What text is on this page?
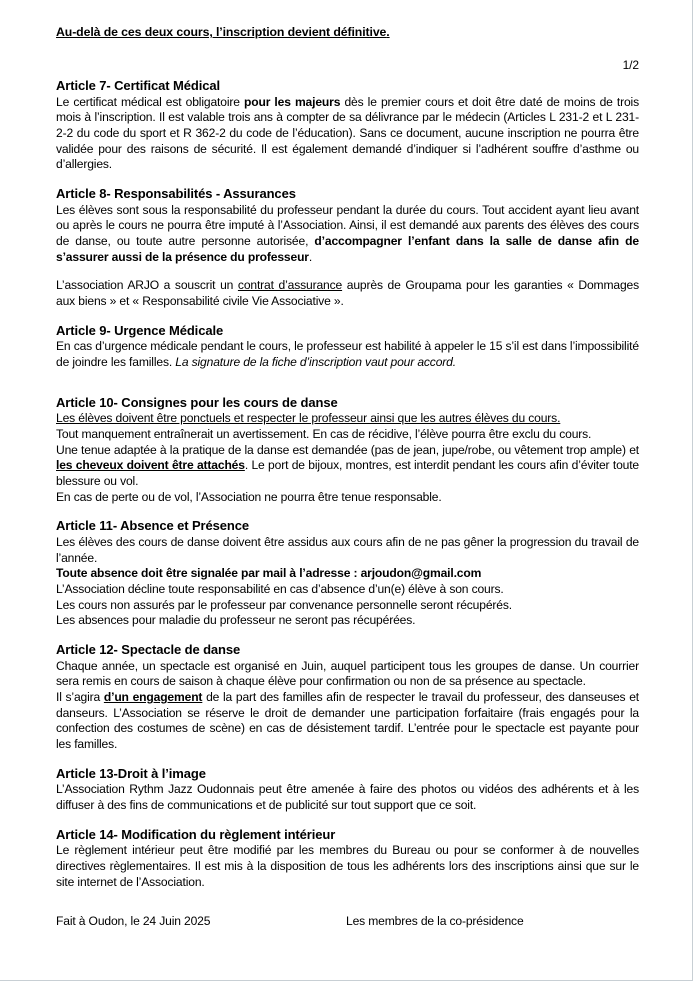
Au-delà de ces deux cours, l’inscription devient définitive.

1/2

Article 7- Certificat Médical

Le certificat médical est obligatoire pour les majeurs dès le premier cours et doit être daté de moins de trois mois à l’inscription. Il est valable trois ans à compter de sa délivrance par le médecin (Articles L 231-2 et L 231-2-2 du code du sport et R 362-2 du code de l’éducation). Sans ce document, aucune inscription ne pourra être validée pour des raisons de sécurité. Il est également demandé d’indiquer si l’adhérent souffre d’asthme ou d’allergies.

Article 8- Responsabilités - Assurances

Les élèves sont sous la responsabilité du professeur pendant la durée du cours. Tout accident ayant lieu avant ou après le cours ne pourra être imputé à l’Association. Ainsi, il est demandé aux parents des élèves des cours de danse, ou toute autre personne autorisée, d’accompagner l’enfant dans la salle de danse afin de s’assurer aussi de la présence du professeur.

L’association ARJO a souscrit un contrat d’assurance auprès de Groupama pour les garanties « Dommages aux biens » et « Responsabilité civile Vie Associative ».

Article 9- Urgence Médicale

En cas d’urgence médicale pendant le cours, le professeur est habilité à appeler le 15 s’il est dans l’impossibilité de joindre les familles. La signature de la fiche d’inscription vaut pour accord.

Article 10- Consignes pour les cours de danse

Les élèves doivent être ponctuels et respecter le professeur ainsi que les autres élèves du cours.

Tout manquement entraînerait un avertissement. En cas de récidive, l’élève pourra être exclu du cours.

Une tenue adaptée à la pratique de la danse est demandée (pas de jean, jupe/robe, ou vêtement trop ample) et les cheveux doivent être attachés. Le port de bijoux, montres, est interdit pendant les cours afin d’éviter toute blessure ou vol.

En cas de perte ou de vol, l’Association ne pourra être tenue responsable.

Article 11- Absence et Présence

Les élèves des cours de danse doivent être assidus aux cours afin de ne pas gêner la progression du travail de l’année.

Toute absence doit être signalée par mail à l’adresse : arjoudon@gmail.com

L’Association décline toute responsabilité en cas d’absence d’un(e) élève à son cours.

Les cours non assurés par le professeur par convenance personnelle seront récupérés.

Les absences pour maladie du professeur ne seront pas récupérées.

Article 12- Spectacle de danse

Chaque année, un spectacle est organisé en Juin, auquel participent tous les groupes de danse. Un courrier sera remis en cours de saison à chaque élève pour confirmation ou non de sa présence au spectacle.

Il s’agira d’un engagement de la part des familles afin de respecter le travail du professeur, des danseuses et danseurs. L’Association se réserve le droit de demander une participation forfaitaire (frais engagés pour la confection des costumes de scène) en cas de désistement tardif. L’entrée pour le spectacle est payante pour les familles.

Article 13-Droit à l’image

L’Association Rythm Jazz Oudonnais peut être amenée à faire des photos ou vidéos des adhérents et à les diffuser à des fins de communications et de publicité sur tout support que ce soit.

Article 14- Modification du règlement intérieur

Le règlement intérieur peut être modifié par les membres du Bureau ou pour se conformer à de nouvelles directives règlementaires. Il est mis à la disposition de tous les adhérents lors des inscriptions ainsi que sur le site internet de l’Association.

Fait à Oudon, le 24 Juin 2025	Les membres de la co-présidence
